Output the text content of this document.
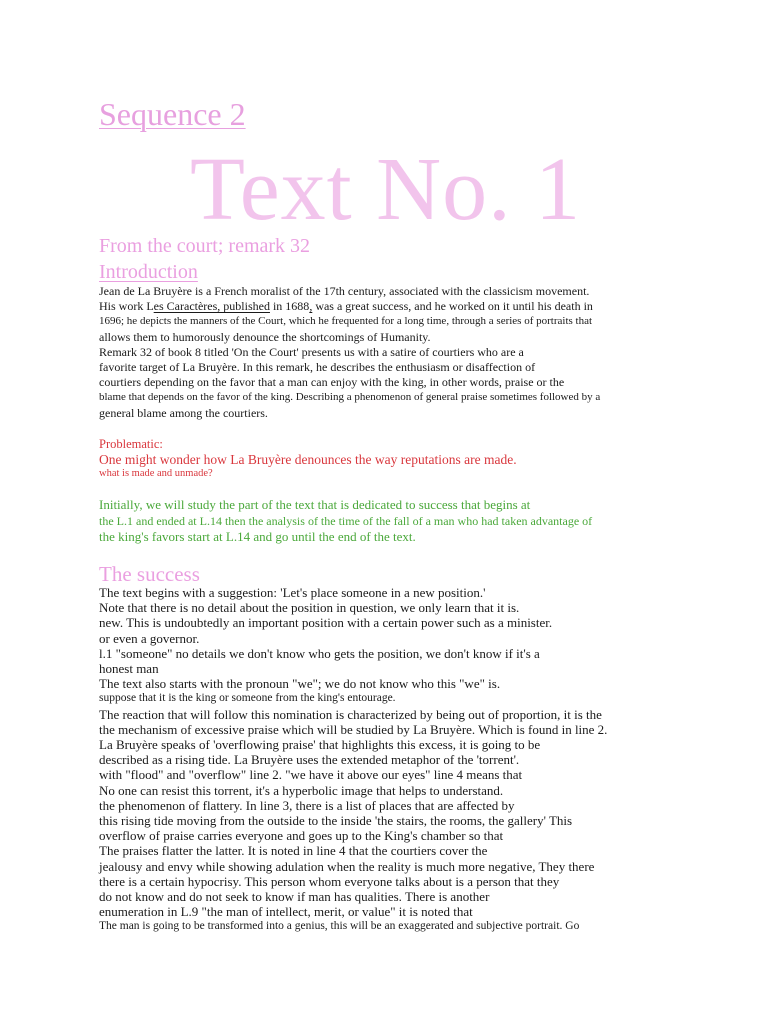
Sequence 2
Text No. 1
From the court; remark 32
Introduction
Jean de La Bruyère is a French moralist of the 17th century, associated with the classicism movement.
His work Les Caractères, published in 1688, was a great success, and he worked on it until his death in
1696; he depicts the manners of the Court, which he frequented for a long time, through a series of portraits that
allows them to humorously denounce the shortcomings of Humanity.
Remark 32 of book 8 titled 'On the Court' presents us with a satire of courtiers who are a
favorite target of La Bruyère. In this remark, he describes the enthusiasm or disaffection of
courtiers depending on the favor that a man can enjoy with the king, in other words, praise or the
blame that depends on the favor of the king. Describing a phenomenon of general praise sometimes followed by a
general blame among the courtiers.
Problematic:
One might wonder how La Bruyère denounces the way reputations are made.
what is made and unmade?
Initially, we will study the part of the text that is dedicated to success that begins at
the L.1 and ended at L.14 then the analysis of the time of the fall of a man who had taken advantage of
the king's favors start at L.14 and go until the end of the text.
The success
The text begins with a suggestion: 'Let's place someone in a new position.'
Note that there is no detail about the position in question, we only learn that it is.
new. This is undoubtedly an important position with a certain power such as a minister.
or even a governor.
l.1 "someone" no details we don't know who gets the position, we don't know if it's a
honest man
The text also starts with the pronoun "we"; we do not know who this "we" is.
suppose that it is the king or someone from the king's entourage.
The reaction that will follow this nomination is characterized by being out of proportion, it is the
the mechanism of excessive praise which will be studied by La Bruyère. Which is found in line 2.
La Bruyère speaks of 'overflowing praise' that highlights this excess, it is going to be
described as a rising tide. La Bruyère uses the extended metaphor of the 'torrent'.
with "flood" and "overflow" line 2. "we have it above our eyes" line 4 means that
No one can resist this torrent, it's a hyperbolic image that helps to understand.
the phenomenon of flattery. In line 3, there is a list of places that are affected by
this rising tide moving from the outside to the inside 'the stairs, the rooms, the gallery' This
overflow of praise carries everyone and goes up to the King's chamber so that
The praises flatter the latter. It is noted in line 4 that the courtiers cover the
jealousy and envy while showing adulation when the reality is much more negative, They there
there is a certain hypocrisy. This person whom everyone talks about is a person that they
do not know and do not seek to know if man has qualities. There is another
enumeration in L.9 "the man of intellect, merit, or value" it is noted that
The man is going to be transformed into a genius, this will be an exaggerated and subjective portrait. Go
